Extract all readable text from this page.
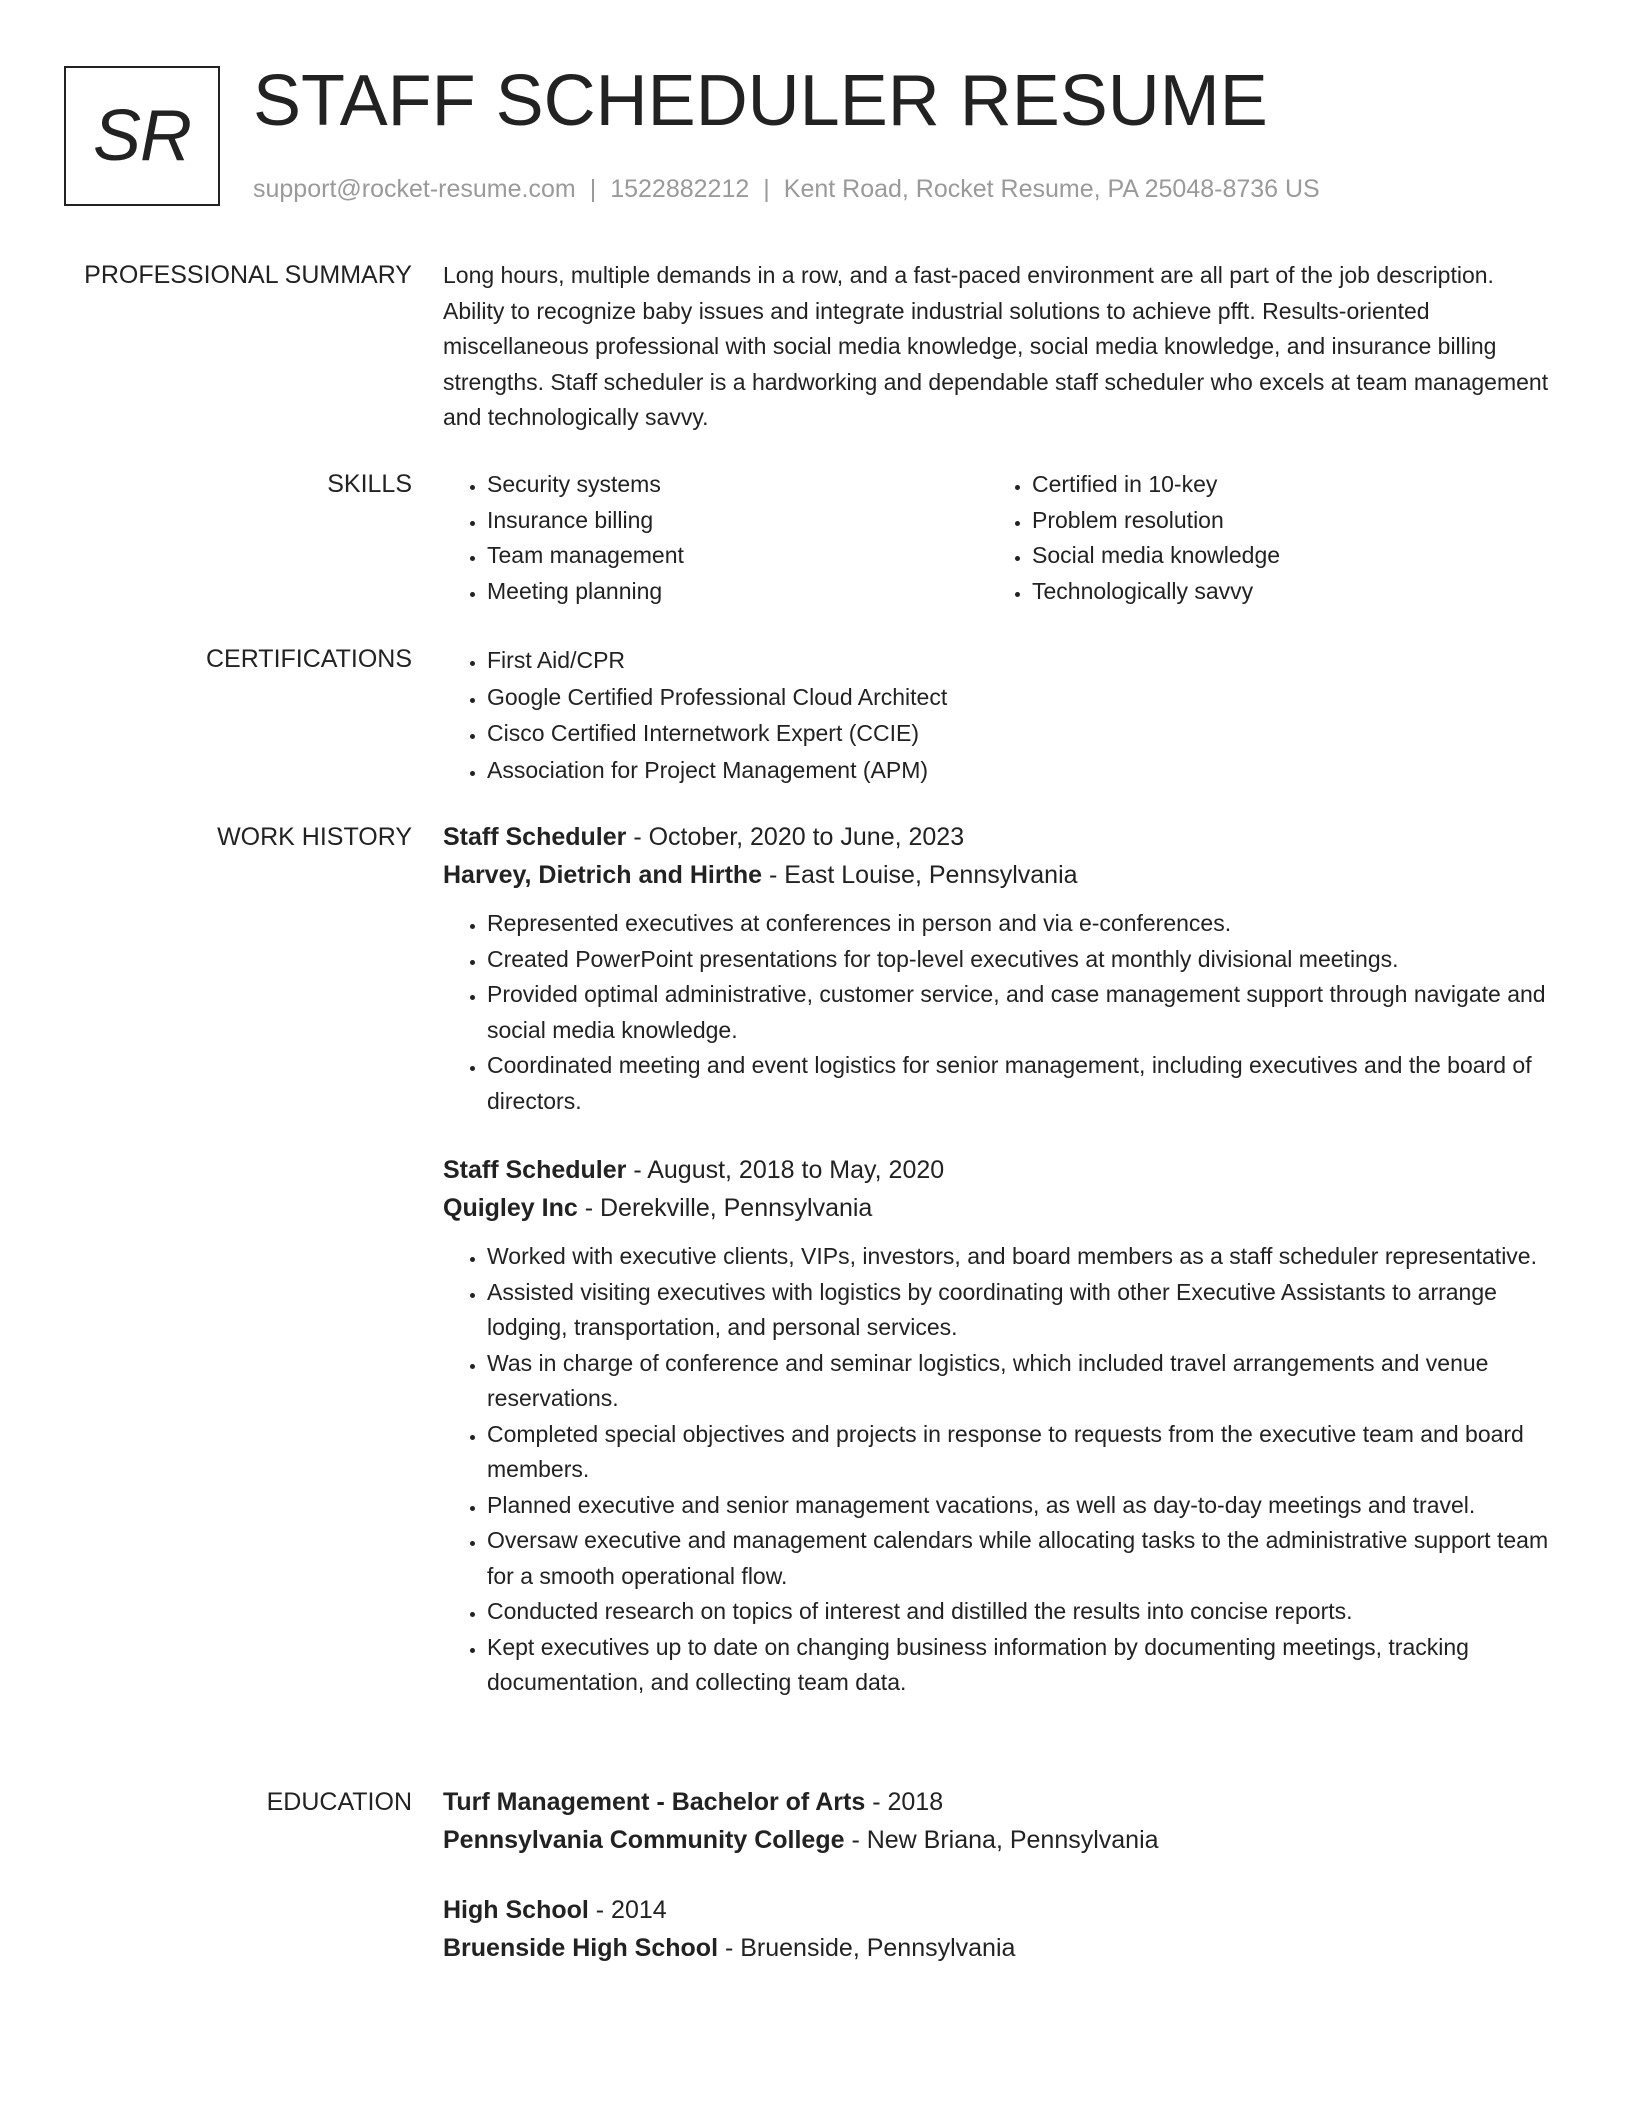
SR STAFF SCHEDULER RESUME
support@rocket-resume.com | 1522882212 | Kent Road, Rocket Resume, PA 25048-8736 US
PROFESSIONAL SUMMARY Long hours, multiple demands in a row, and a fast-paced environment are all part of the job description. Ability to recognize baby issues and integrate industrial solutions to achieve pfft. Results-oriented miscellaneous professional with social media knowledge, social media knowledge, and insurance billing strengths. Staff scheduler is a hardworking and dependable staff scheduler who excels at team management and technologically savvy.

SKILLS	• Security systems
• Insurance billing
• Team management
• Meeting planning
• Certified in 10-key
• Problem resolution
• Social media knowledge
• Technologically savvy
CERTIFICATIONS	• First Aid/CPR
• Google Certified Professional Cloud Architect
• Cisco Certified Internetwork Expert (CCIE)
• Association for Project Management (APM)
WORK HISTORY Staff Scheduler - October, 2020 to June, 2023
Harvey, Dietrich and Hirthe - East Louise, Pennsylvania
• Represented executives at conferences in person and via e-conferences.
• Created PowerPoint presentations for top-level executives at monthly divisional meetings.
• Provided optimal administrative, customer service, and case management support through navigate and social media knowledge.
• Coordinated meeting and event logistics for senior management, including executives and the board of directors.
Staff Scheduler - August, 2018 to May, 2020
Quigley Inc - Derekville, Pennsylvania
• Worked with executive clients, VIPs, investors, and board members as a staff scheduler representative.
• Assisted visiting executives with logistics by coordinating with other Executive Assistants to arrange lodging, transportation, and personal services.
• Was in charge of conference and seminar logistics, which included travel arrangements and venue reservations.
• Completed special objectives and projects in response to requests from the executive team and board members.
• Planned executive and senior management vacations, as well as day-to-day meetings and travel.
• Oversaw executive and management calendars while allocating tasks to the administrative support team for a smooth operational flow.
• Conducted research on topics of interest and distilled the results into concise reports.
• Kept executives up to date on changing business information by documenting meetings, tracking documentation, and collecting team data.
EDUCATION Turf Management - Bachelor of Arts - 2018
Pennsylvania Community College - New Briana, Pennsylvania
High School - 2014
Bruenside High School - Bruenside, Pennsylvania
